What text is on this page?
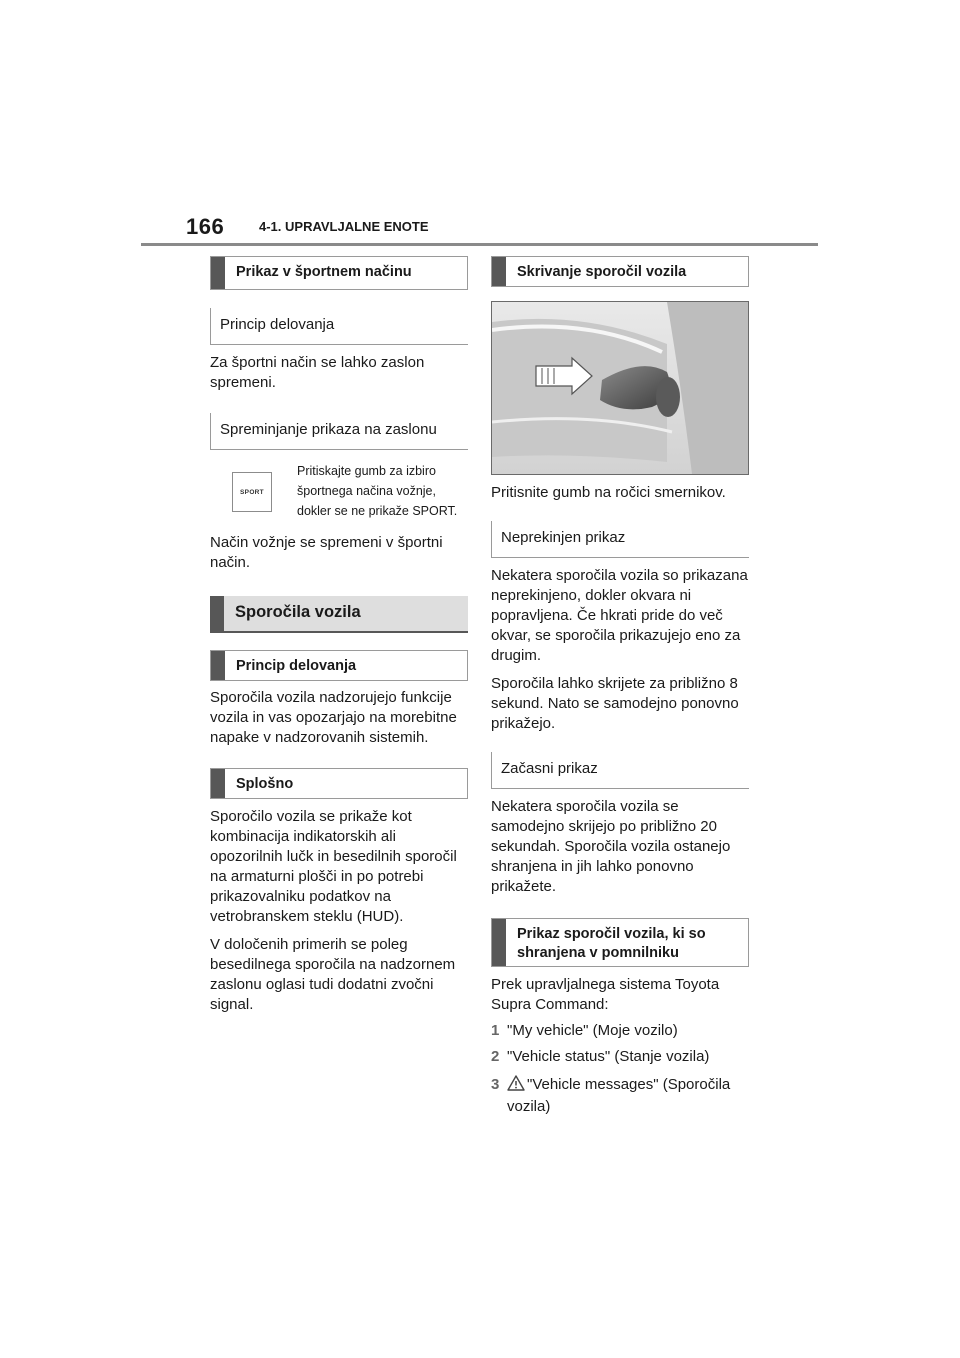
166	4-1. UPRAVLJALNE ENOTE
Prikaz v športnem načinu
Princip delovanja

Za športni način se lahko zaslon spremeni.

Spreminjanje prikaza na zaslonu
SPORT
Pritiskajte gumb za izbiro športnega načina vožnje, dokler se ne prikaže SPORT.

Način vožnje se spremeni v športni način.

Sporočila vozila
Princip delovanja

Sporočila vozila nadzorujejo funkcije vozila in vas opozarjajo na morebitne napake v nadzorovanih sistemih.

Splošno

Sporočilo vozila se prikaže kot kombinacija indikatorskih ali opozorilnih lučk in besedilnih sporočil na armaturni plošči in po potrebi prikazovalniku podatkov na vetrobranskem steklu (HUD).

V določenih primerih se poleg besedilnega sporočila na nadzornem zaslonu oglasi tudi dodatni zvočni signal.

Skrivanje sporočil vozila

Pritisnite gumb na ročici smernikov.

Neprekinjen prikaz

Nekatera sporočila vozila so prikazana neprekinjeno, dokler okvara ni popravljena. Če hkrati pride do več okvar, se sporočila prikazujejo eno za drugim.

Sporočila lahko skrijete za približno 8 sekund. Nato se samodejno ponovno prikažejo.

Začasni prikaz

Nekatera sporočila vozila se samodejno skrijejo po približno 20 sekundah. Sporočila vozila ostanejo shranjena in jih lahko ponovno prikažete.

Prikaz sporočil vozila, ki so shranjena v pomnilniku

Prek upravljalnega sistema Toyota Supra Command:

1 "My vehicle" (Moje vozilo)
2 "Vehicle status" (Stanje vozila)
3	"Vehicle messages" (Sporočila vozila)
